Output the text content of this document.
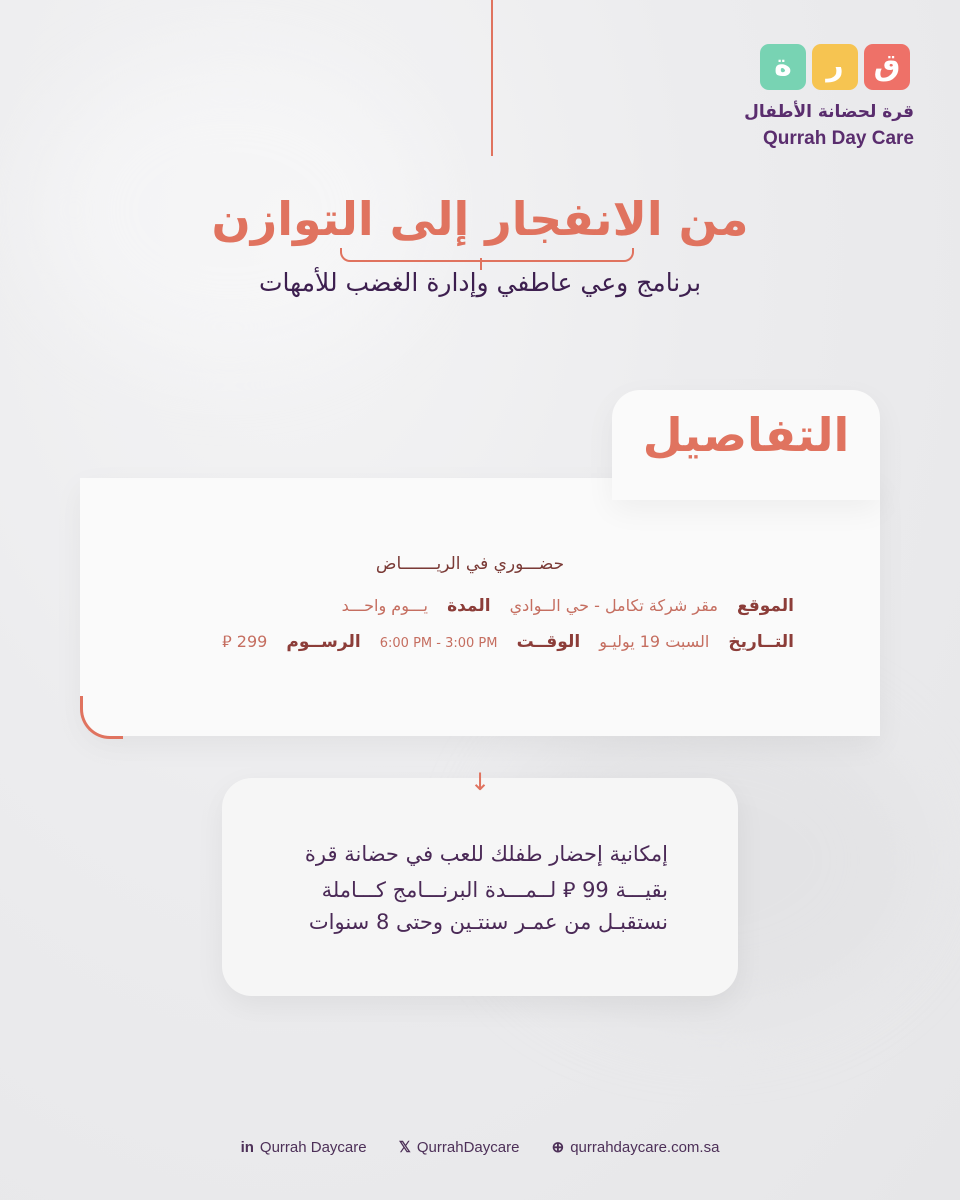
ة	ر ق
قرة لحضانة الأطفال
Qurrah Day Care
من الانفجار إلى التوازن
برنامج وعي عاطفي وإدارة الغضب للأمهات
التفاصيل
حضـــوري في الريـــــــاض
الموقع مقر شركة تكامل - حي الــوادي المدة يـــوم واحـــد
التــاريخ السبت 19 يوليـو الوقــت 6:00 PM - 3:00 PM الرســوم 299 ⃁
↓
إمكانية إحضار طفلك للعب في حضانة قرة
بقيـــة 99 ⃁ لــمـــدة البرنـــامج كـــاملة
نستقبـل من عمـر سنتـين وحتى 8 سنوات
in Qurrah Daycare 𝕏 QurrahDaycare ⊕ qurrahdaycare.com.sa
